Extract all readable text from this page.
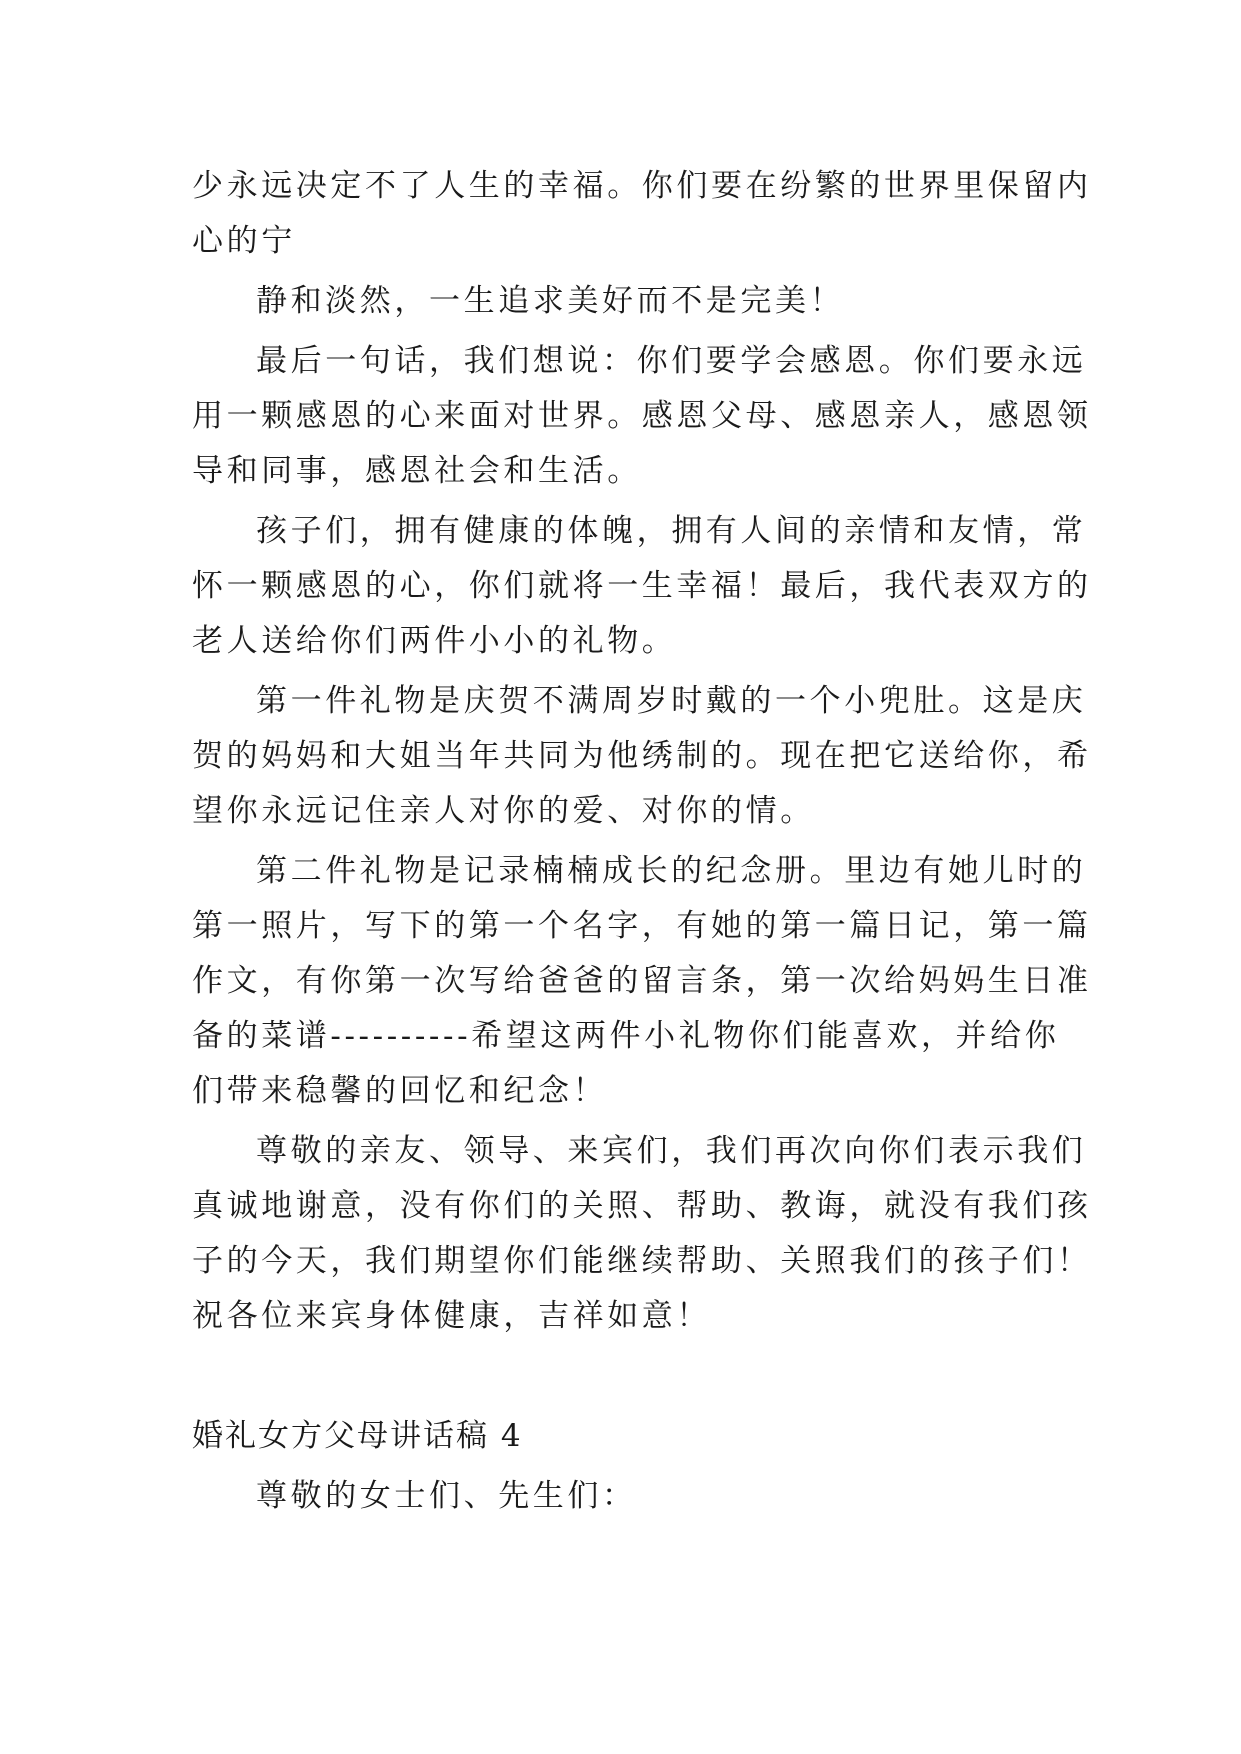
少永远决定不了人生的幸福。你们要在纷繁的世界里保留内
心的宁
静和淡然，一生追求美好而不是完美！
最后一句话，我们想说：你们要学会感恩。你们要永远
用一颗感恩的心来面对世界。感恩父母、感恩亲人，感恩领
导和同事，感恩社会和生活。
孩子们，拥有健康的体魄，拥有人间的亲情和友情，常
怀一颗感恩的心，你们就将一生幸福！最后，我代表双方的
老人送给你们两件小小的礼物。
第一件礼物是庆贺不满周岁时戴的一个小兜肚。这是庆
贺的妈妈和大姐当年共同为他绣制的。现在把它送给你，希
望你永远记住亲人对你的爱、对你的情。
第二件礼物是记录楠楠成长的纪念册。里边有她儿时的
第一照片，写下的第一个名字，有她的第一篇日记，第一篇
作文，有你第一次写给爸爸的留言条，第一次给妈妈生日准
备的菜谱----------希望这两件小礼物你们能喜欢，并给你
们带来稳馨的回忆和纪念！
尊敬的亲友、领导、来宾们，我们再次向你们表示我们
真诚地谢意，没有你们的关照、帮助、教诲，就没有我们孩
子的今天，我们期望你们能继续帮助、关照我们的孩子们！
祝各位来宾身体健康，吉祥如意！
婚礼女方父母讲话稿 4
尊敬的女士们、先生们：
